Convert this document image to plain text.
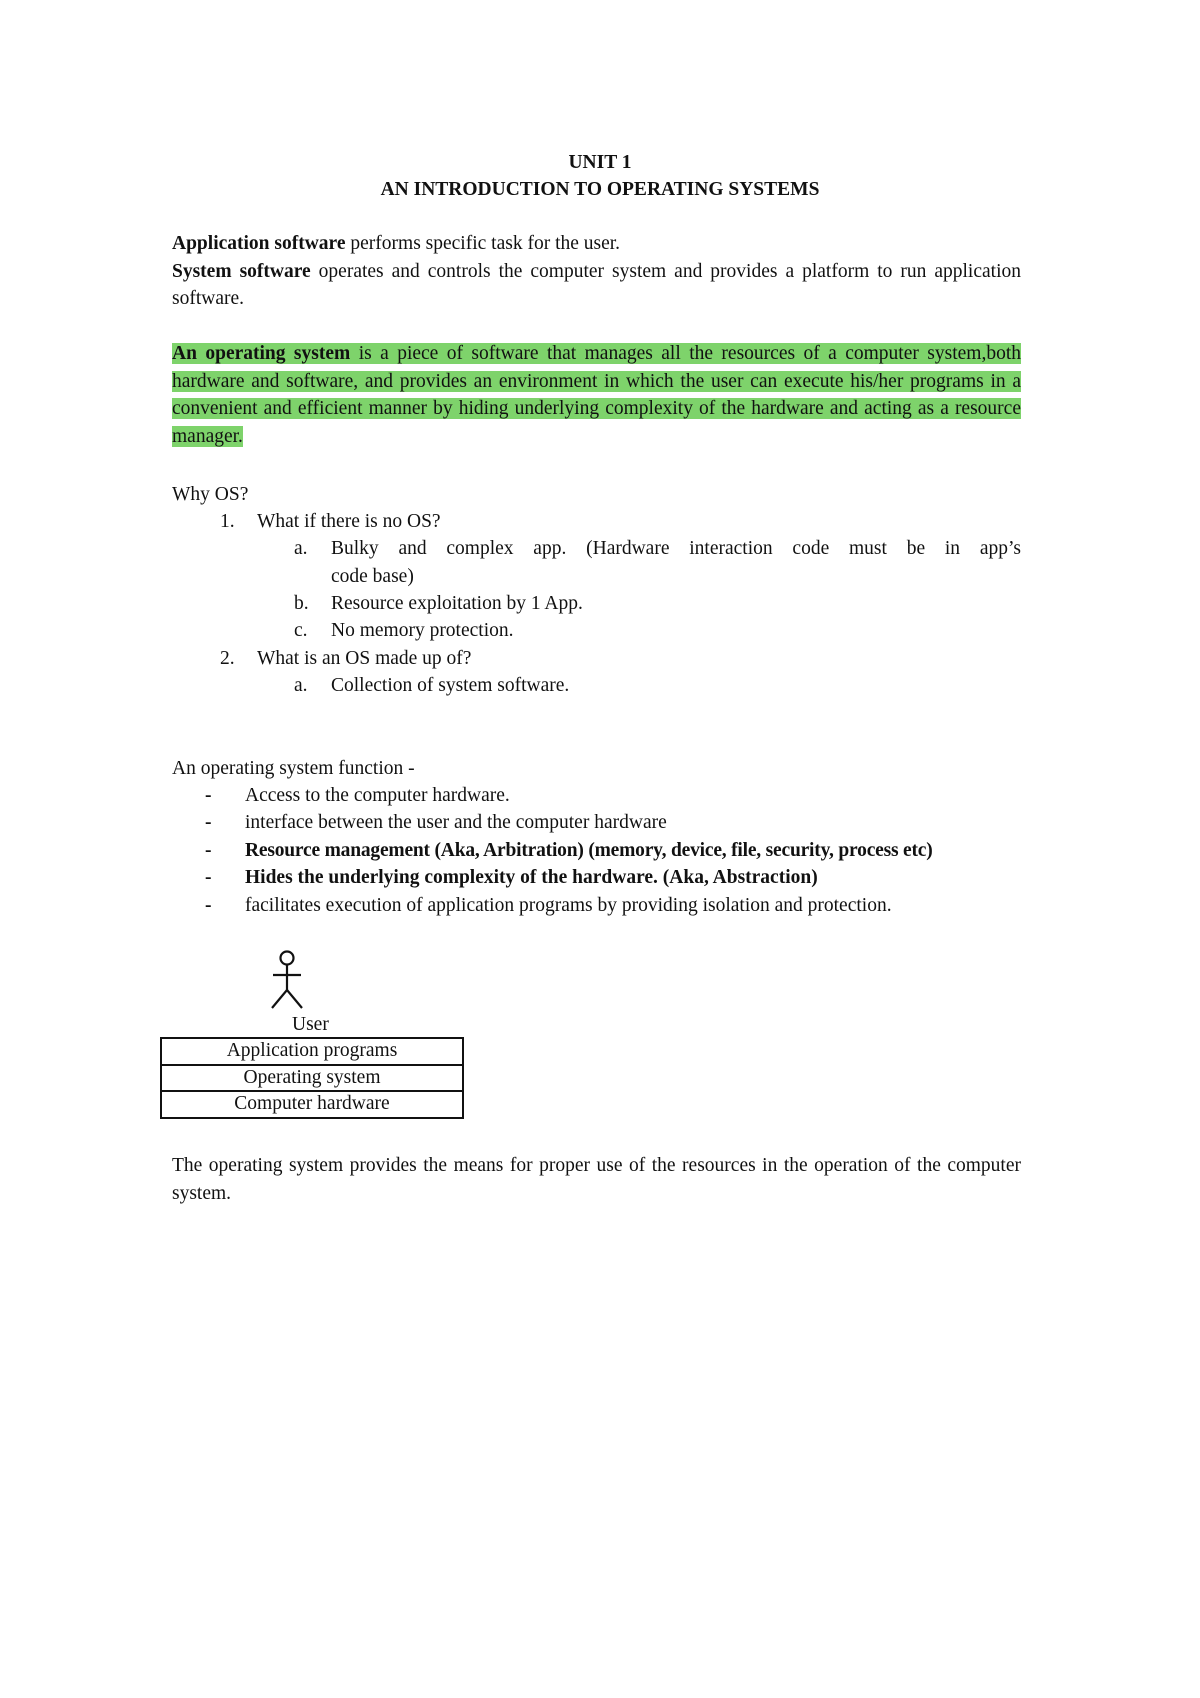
UNIT 1
AN INTRODUCTION TO OPERATING SYSTEMS
Application software performs specific task for the user.
System software operates and controls the computer system and provides a platform to run application software.
An operating system is a piece of software that manages all the resources of a computer system,both hardware and software, and provides an environment in which the user can execute his/her programs in a convenient and efficient manner by hiding underlying complexity of the hardware and acting as a resource manager.
Why OS?
1. What if there is no OS?
a. Bulky and complex app. (Hardware interaction code must be in app’s
code base)
b. Resource exploitation by 1 App.
c. No memory protection.
2. What is an OS made up of?
a. Collection of system software.
An operating system function -
- Access to the computer hardware.
- interface between the user and the computer hardware
- Resource management (Aka, Arbitration) (memory, device, file, security, process etc)
- Hides the underlying complexity of the hardware. (Aka, Abstraction)
- facilitates execution of application programs by providing isolation and protection.
User
Application programs
Operating system
Computer hardware
The operating system provides the means for proper use of the resources in the operation of the computer system.
